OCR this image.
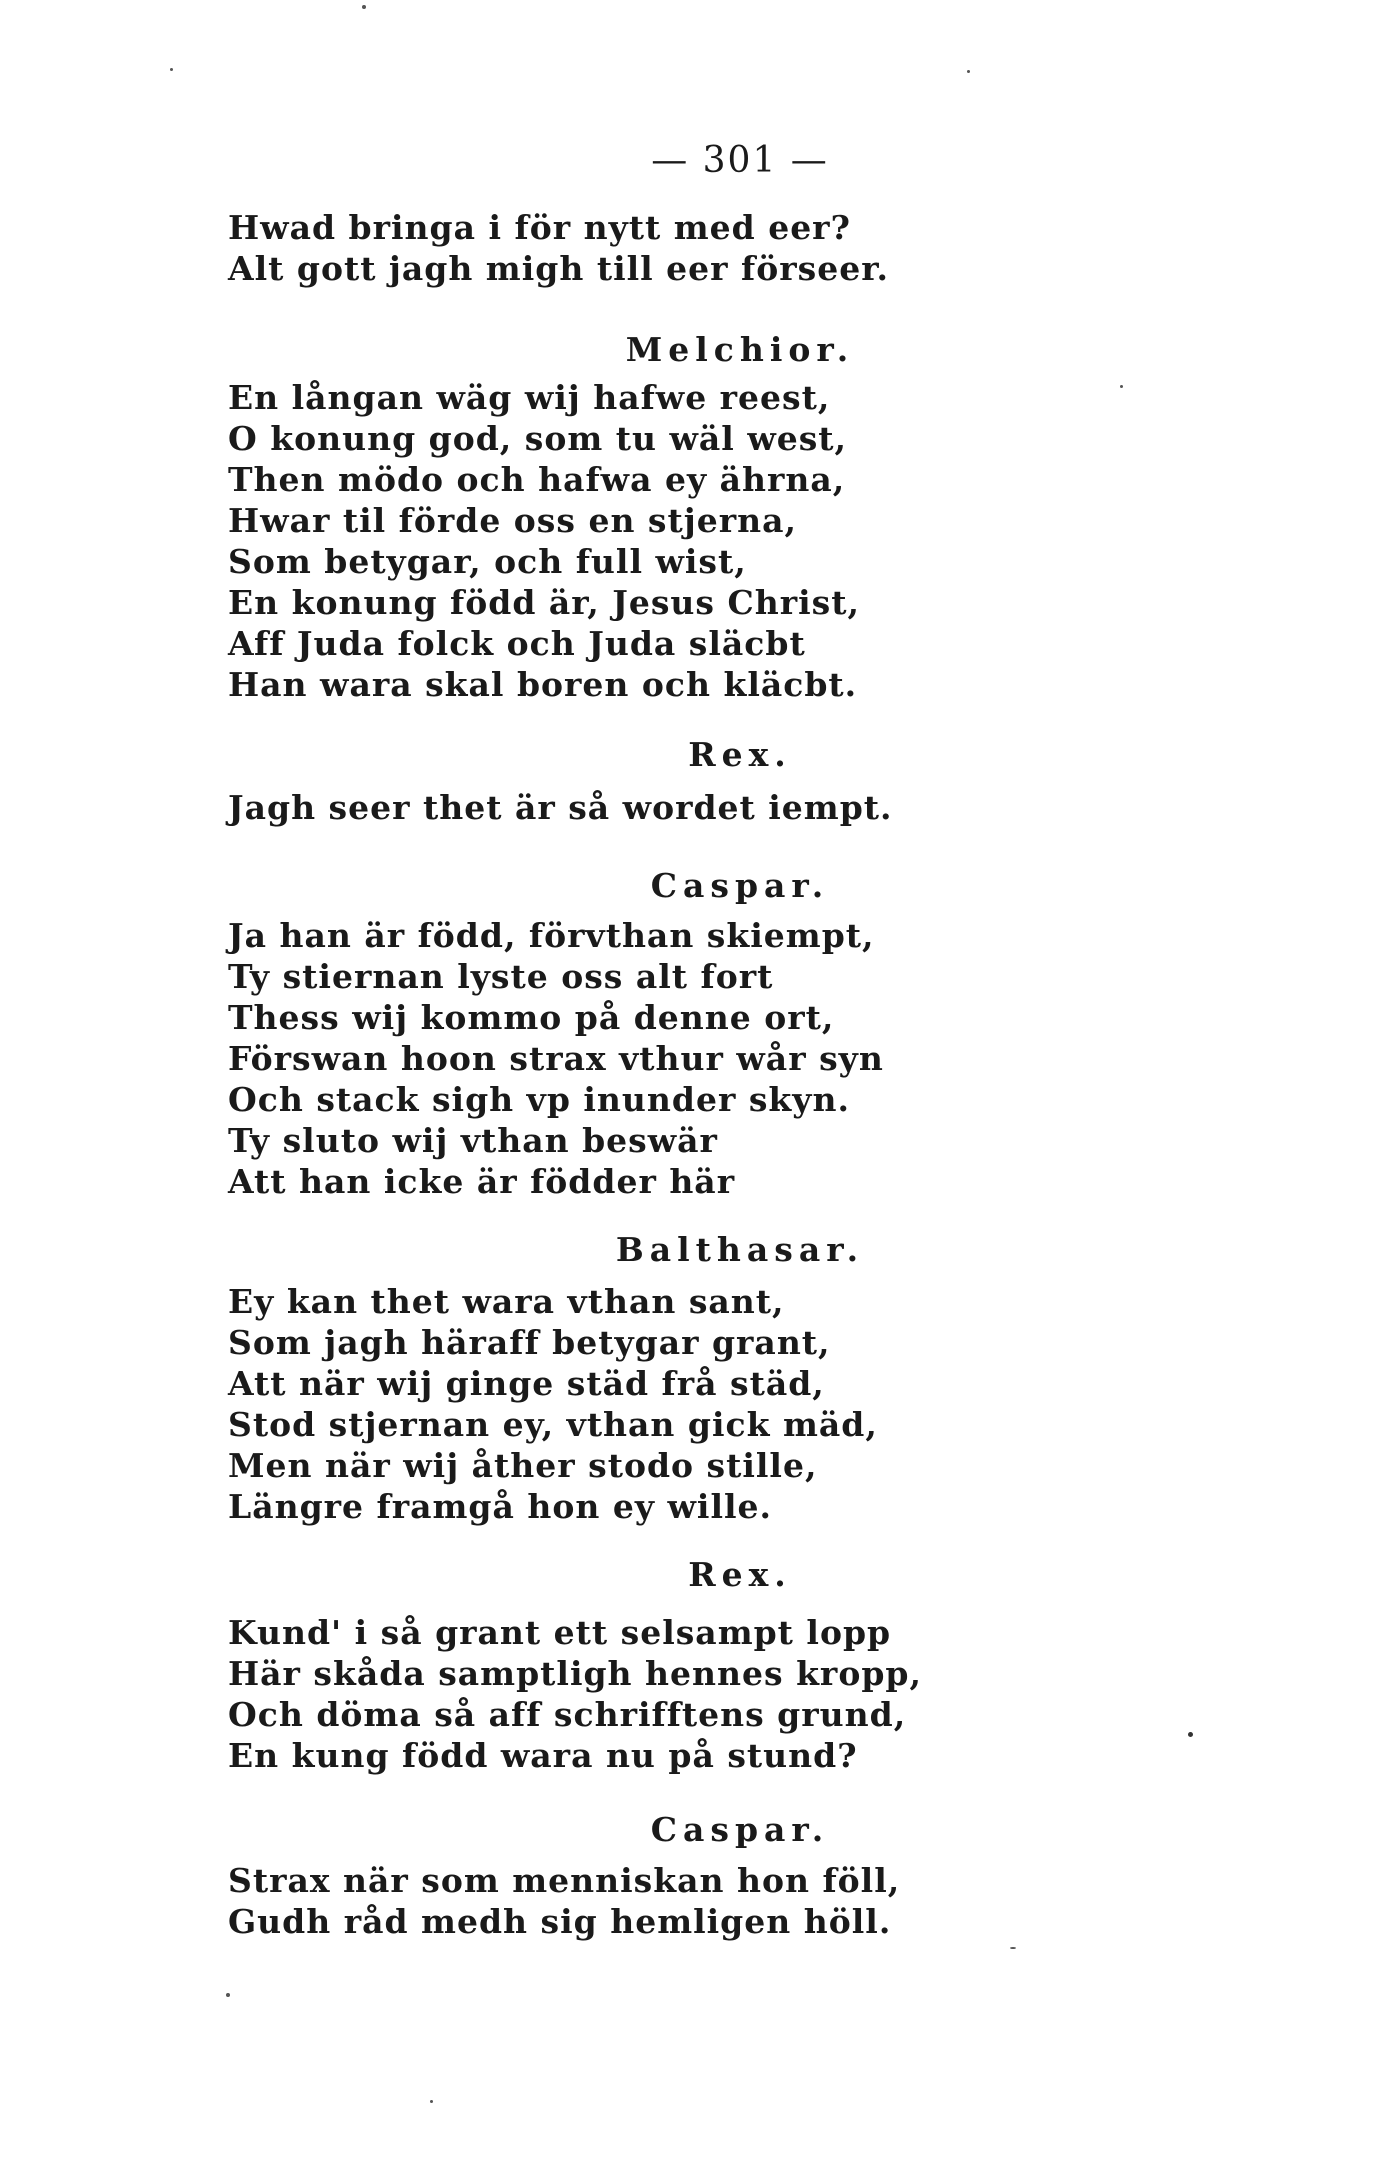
— 301 —
Hwad bringa i för nytt med eer?
Alt gott jagh migh till eer förseer.
Melchior.
En långan wäg wij hafwe reest,
O konung god, som tu wäl west,
Then mödo och hafwa ey ährna,
Hwar til förde oss en stjerna,
Som betygar, och full wist,
En konung född är, Jesus Christ,
Aff Juda folck och Juda släcbt
Han wara skal boren och kläcbt.
Rex.
Jagh seer thet är så wordet iempt.
Caspar.
Ja han är född, förvthan skiempt,
Ty stiernan lyste oss alt fort
Thess wij kommo på denne ort,
Förswan hoon strax vthur wår syn
Och stack sigh vp inunder skyn.
Ty sluto wij vthan beswär
Att han icke är födder här
Balthasar.
Ey kan thet wara vthan sant,
Som jagh häraff betygar grant,
Att när wij ginge städ frå städ,
Stod stjernan ey, vthan gick mäd,
Men när wij åther stodo stille,
Längre framgå hon ey wille.
Rex.
Kund' i så grant ett selsampt lopp
Här skåda samptligh hennes kropp,
Och döma så aff schrifftens grund,
En kung född wara nu på stund?
Caspar.
Strax när som menniskan hon föll,
Gudh råd medh sig hemligen höll.
